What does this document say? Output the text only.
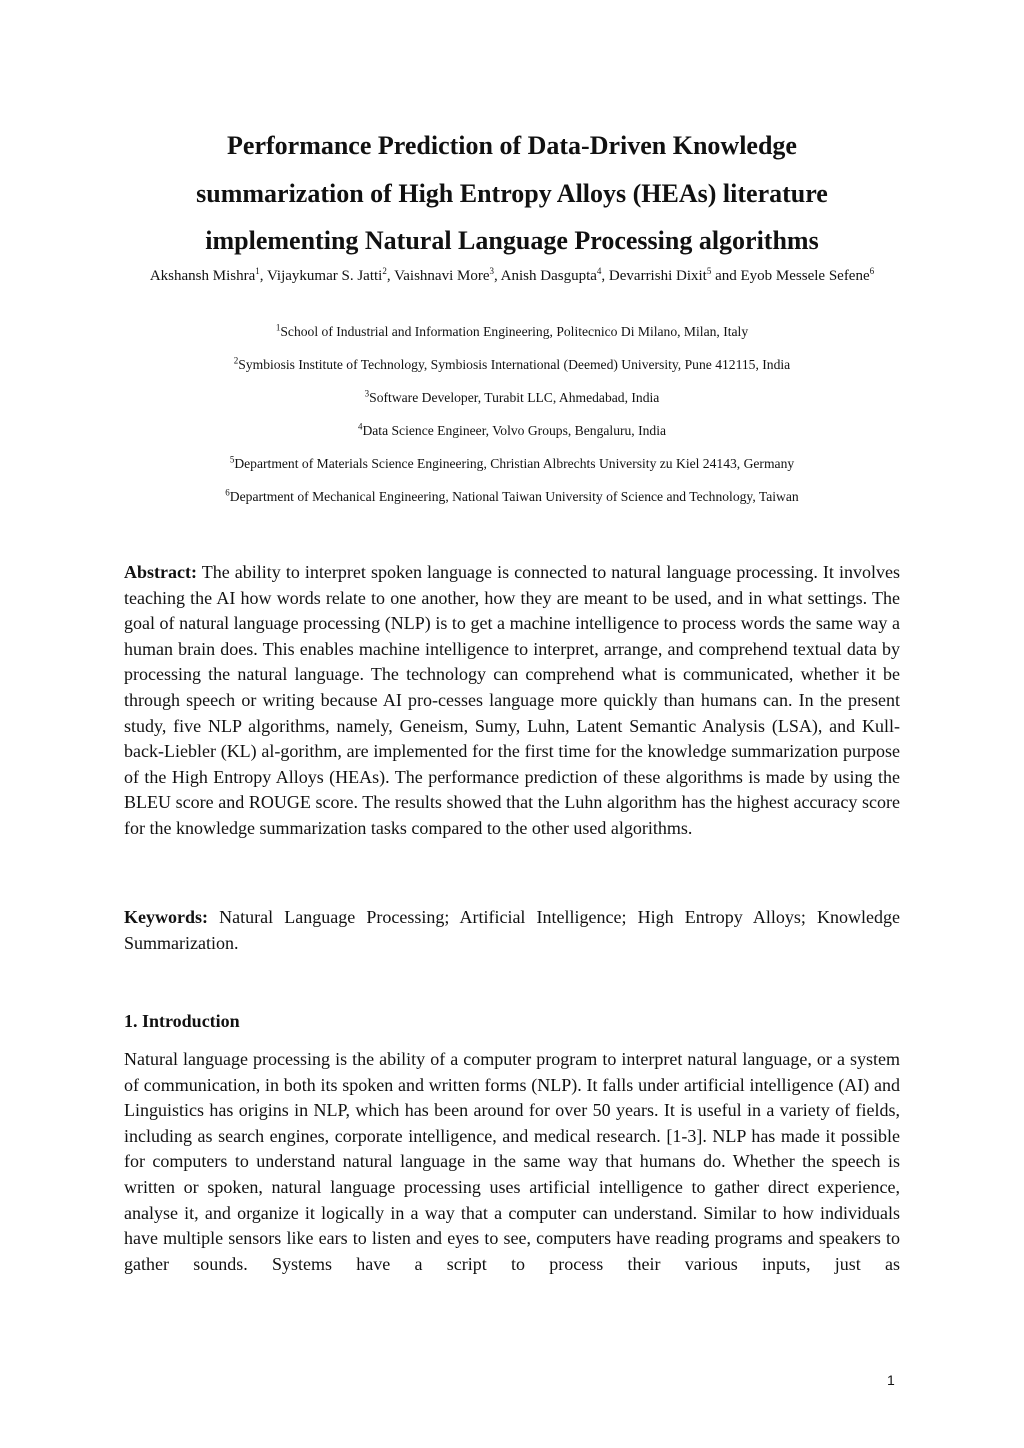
Performance Prediction of Data-Driven Knowledge
summarization of High Entropy Alloys (HEAs) literature
implementing Natural Language Processing algorithms
Akshansh Mishra$^1$, Vijaykumar S. Jatti$^2$, Vaishnavi More$^3$, Anish Dasgupta$^4$, Devarrishi Dixit$^5$ and Eyob Messele Sefene$^6$
$^1$School of Industrial and Information Engineering, Politecnico Di Milano, Milan, Italy
$^2$Symbiosis Institute of Technology, Symbiosis International (Deemed) University, Pune 412115, India
$^3$Software Developer, Turabit LLC, Ahmedabad, India
$^4$Data Science Engineer, Volvo Groups, Bengaluru, India
$^5$Department of Materials Science Engineering, Christian Albrechts University zu Kiel 24143, Germany
$^6$Department of Mechanical Engineering, National Taiwan University of Science and Technology, Taiwan

Abstract: The ability to interpret spoken language is connected to natural language processing. It involves teaching the AI how words relate to one another, how they are meant to be used, and in what settings. The goal of natural language processing (NLP) is to get a machine intelligence to process words the same way a human brain does. This enables machine intelligence to interpret, arrange, and comprehend textual data by processing the natural language. The technology can comprehend what is communicated, whether it be through speech or writing because AI pro-cesses language more quickly than humans can. In the present study, five NLP algorithms, namely, Geneism, Sumy, Luhn, Latent Semantic Analysis (LSA), and Kull-back-Liebler (KL) al-gorithm, are implemented for the first time for the knowledge summarization purpose of the High Entropy Alloys (HEAs). The performance prediction of these algorithms is made by using the BLEU score and ROUGE score. The results showed that the Luhn algorithm has the highest accuracy score for the knowledge summarization tasks compared to the other used algorithms.

Keywords: Natural Language Processing; Artificial Intelligence; High Entropy Alloys; Knowledge Summarization.

1. Introduction

Natural language processing is the ability of a computer program to interpret natural language, or a system of communication, in both its spoken and written forms (NLP). It falls under artificial intelligence (AI) and Linguistics has origins in NLP, which has been around for over 50 years. It is useful in a variety of fields, including as search engines, corporate intelligence, and medical research. [1-3]. NLP has made it possible for computers to understand natural language in the same way that humans do. Whether the speech is written or spoken, natural language processing uses artificial intelligence to gather direct experience, analyse it, and organize it logically in a way that a computer can understand. Similar to how individuals have multiple sensors like ears to listen and eyes to see, computers have reading programs and speakers to gather sounds. Systems have a script to process their various inputs, just as

1
